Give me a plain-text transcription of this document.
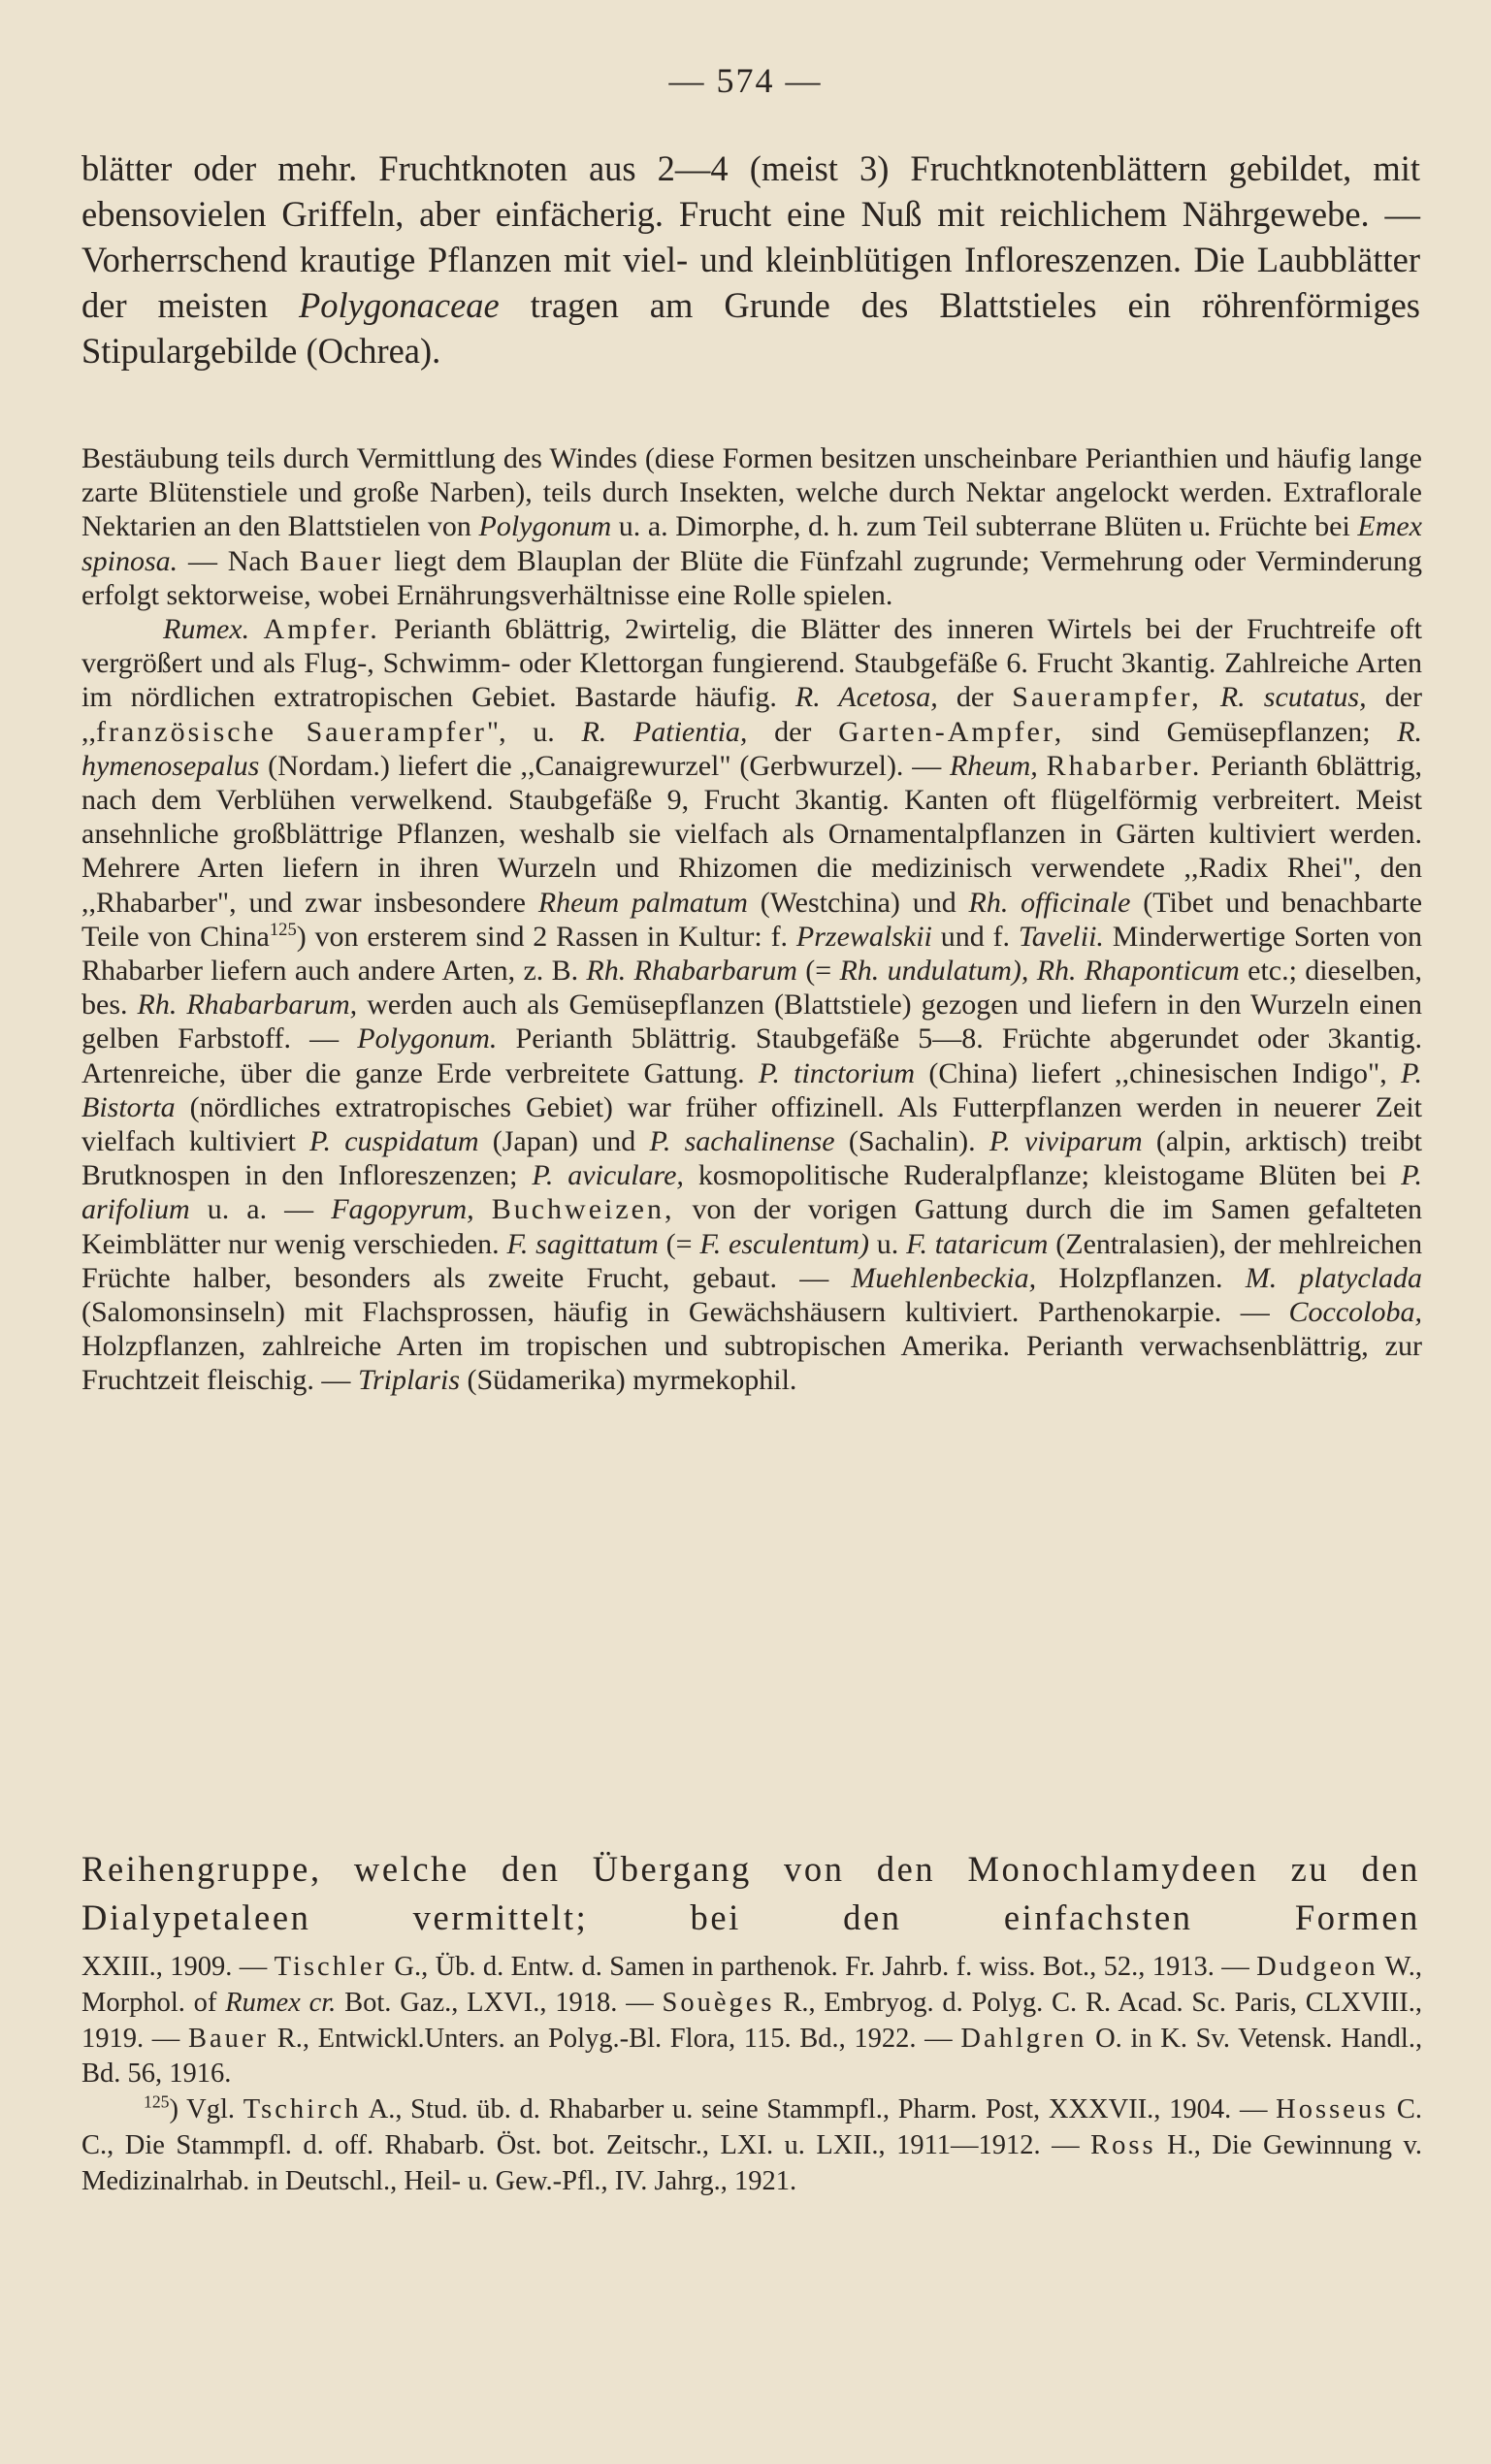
— 574 —

blätter oder mehr. Fruchtknoten aus 2—4 (meist 3) Fruchtknotenblättern gebildet, mit ebensovielen Griffeln, aber einfächerig. Frucht eine Nuß mit reichlichem Nährgewebe. — Vorherrschend krautige Pflanzen mit viel- und kleinblütigen Infloreszenzen. Die Laubblätter der meisten Polygonaceae tragen am Grunde des Blattstieles ein röhrenförmiges Stipulargebilde (Ochrea).

Bestäubung teils durch Vermittlung des Windes (diese Formen besitzen unscheinbare Perianthien und häufig lange zarte Blütenstiele und große Narben), teils durch Insekten, welche durch Nektar angelockt werden. Extraflorale Nektarien an den Blattstielen von Polygonum u. a. Dimorphe, d. h. zum Teil subterrane Blüten u. Früchte bei Emex spinosa. — Nach Bauer liegt dem Blauplan der Blüte die Fünfzahl zugrunde; Vermehrung oder Verminderung erfolgt sektorweise, wobei Ernährungsverhältnisse eine Rolle spielen.

Rumex. Ampfer. Perianth 6blättrig, 2wirtelig, die Blätter des inneren Wirtels bei der Fruchtreife oft vergrößert und als Flug-, Schwimm- oder Klettorgan fungierend. Staubgefäße 6. Frucht 3kantig. Zahlreiche Arten im nördlichen extratropischen Gebiet. Bastarde häufig. R. Acetosa, der Sauerampfer, R. scutatus, der ,,französische Sauerampfer", u. R. Patientia, der Garten-Ampfer, sind Gemüsepflanzen; R. hymenosepalus (Nordam.) liefert die ,,Canaigrewurzel" (Gerbwurzel). — Rheum, Rhabarber. Perianth 6blättrig, nach dem Verblühen verwelkend. Staubgefäße 9, Frucht 3kantig. Kanten oft flügelförmig verbreitert. Meist ansehnliche großblättrige Pflanzen, weshalb sie vielfach als Ornamentalpflanzen in Gärten kultiviert werden. Mehrere Arten liefern in ihren Wurzeln und Rhizomen die medizinisch verwendete ,,Radix Rhei", den ,,Rhabarber", und zwar insbesondere Rheum palmatum (Westchina) und Rh. officinale (Tibet und benachbarte Teile von China$^{125}$) von ersterem sind 2 Rassen in Kultur: f. Przewalskii und f. Tavelii. Minderwertige Sorten von Rhabarber liefern auch andere Arten, z. B. Rh. Rhabarbarum (= Rh. undulatum), Rh. Rhaponticum etc.; dieselben, bes. Rh. Rhabarbarum, werden auch als Gemüsepflanzen (Blattstiele) gezogen und liefern in den Wurzeln einen gelben Farbstoff. — Polygonum. Perianth 5blättrig. Staubgefäße 5—8. Früchte abgerundet oder 3kantig. Artenreiche, über die ganze Erde verbreitete Gattung. P. tinctorium (China) liefert ,,chinesischen Indigo", P. Bistorta (nördliches extratropisches Gebiet) war früher offizinell. Als Futterpflanzen werden in neuerer Zeit vielfach kultiviert P. cuspidatum (Japan) und P. sachalinense (Sachalin). P. viviparum (alpin, arktisch) treibt Brutknospen in den Infloreszenzen; P. aviculare, kosmopolitische Ruderalpflanze; kleistogame Blüten bei P. arifolium u. a. — Fagopyrum, Buchweizen, von der vorigen Gattung durch die im Samen gefalteten Keimblätter nur wenig verschieden. F. sagittatum (= F. esculentum) u. F. tataricum (Zentralasien), der mehlreichen Früchte halber, besonders als zweite Frucht, gebaut. — Muehlenbeckia, Holzpflanzen. M. platyclada (Salomonsinseln) mit Flachsprossen, häufig in Gewächshäusern kultiviert. Parthenokarpie. — Coccoloba, Holzpflanzen, zahlreiche Arten im tropischen und subtropischen Amerika. Perianth verwachsenblättrig, zur Fruchtzeit fleischig. — Triplaris (Südamerika) myrmekophil.

Reihengruppe, welche den Übergang von den Monochlamydeen zu den Dialypetaleen vermittelt; bei den einfachsten Formen

XXIII., 1909. — Tischler G., Üb. d. Entw. d. Samen in parthenok. Fr. Jahrb. f. wiss. Bot., 52., 1913. — Dudgeon W., Morphol. of Rumex cr. Bot. Gaz., LXVI., 1918. — Souèges R., Embryog. d. Polyg. C. R. Acad. Sc. Paris, CLXVIII., 1919. — Bauer R., Entwickl.Unters. an Polyg.-Bl. Flora, 115. Bd., 1922. — Dahlgren O. in K. Sv. Vetensk. Handl., Bd. 56, 1916.

$^{125}$) Vgl. Tschirch A., Stud. üb. d. Rhabarber u. seine Stammpfl., Pharm. Post, XXXVII., 1904. — Hosseus C. C., Die Stammpfl. d. off. Rhabarb. Öst. bot. Zeitschr., LXI. u. LXII., 1911—1912. — Ross H., Die Gewinnung v. Medizinalrhab. in Deutschl., Heil- u. Gew.-Pfl., IV. Jahrg., 1921.
